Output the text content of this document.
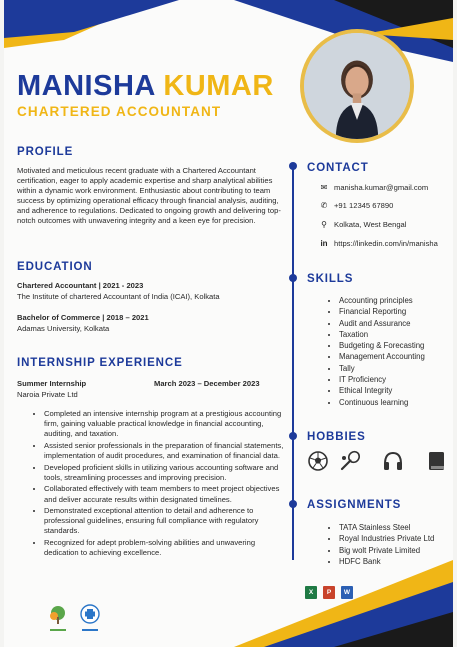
MANISHA KUMAR
CHARTERED ACCOUNTANT
PROFILE
Motivated and meticulous recent graduate with a Chartered Accountant certification, eager to apply academic expertise and sharp analytical abilities within a dynamic work environment. Enthusiastic about contributing to team success by optimizing operational efficacy through financial analysis, auditing, and adherence to regulations. Dedicated to ongoing growth and delivering top-notch outcomes with unwavering integrity and a keen eye for precision.
EDUCATION
Chartered Accountant | 2021 - 2023
The Institute of chartered Accountant of India (ICAI), Kolkata
Bachelor of Commerce | 2018 – 2021
Adamas University, Kolkata
INTERNSHIP EXPERIENCE
Summer Internship	March 2023 – December 2023
Naroia Private Ltd
• Completed an intensive internship program at a prestigious accounting firm, gaining valuable practical knowledge in financial accounting, auditing, and taxation.
• Assisted senior professionals in the preparation of financial statements, implementation of audit procedures, and examination of financial data.
• Developed proficient skills in utilizing various accounting software and tools, streamlining processes and improving precision.
• Collaborated effectively with team members to meet project objectives and deliver accurate results within designated timelines.
• Demonstrated exceptional attention to detail and adherence to professional guidelines, ensuring full compliance with regulatory standards.
• Recognized for adept problem-solving abilities and unwavering dedication to achieving excellence.
CONTACT
✉ manisha.kumar@gmail.com
✆ +91 12345 67890
⚲ Kolkata, West Bengal
in https://linkedin.com/in/manisha
SKILLS
• Accounting principles
• Financial Reporting
• Audit and Assurance
• Taxation
• Budgeting & Forecasting
• Management Accounting
• Tally
• IT Proficiency
• Ethical Integrity
• Continuous learning
HOBBIES
ASSIGNMENTS
• TATA Stainless Steel
• Royal Industries Private Ltd
• Big wolt Private Limited
• HDFC Bank
X	P	W
